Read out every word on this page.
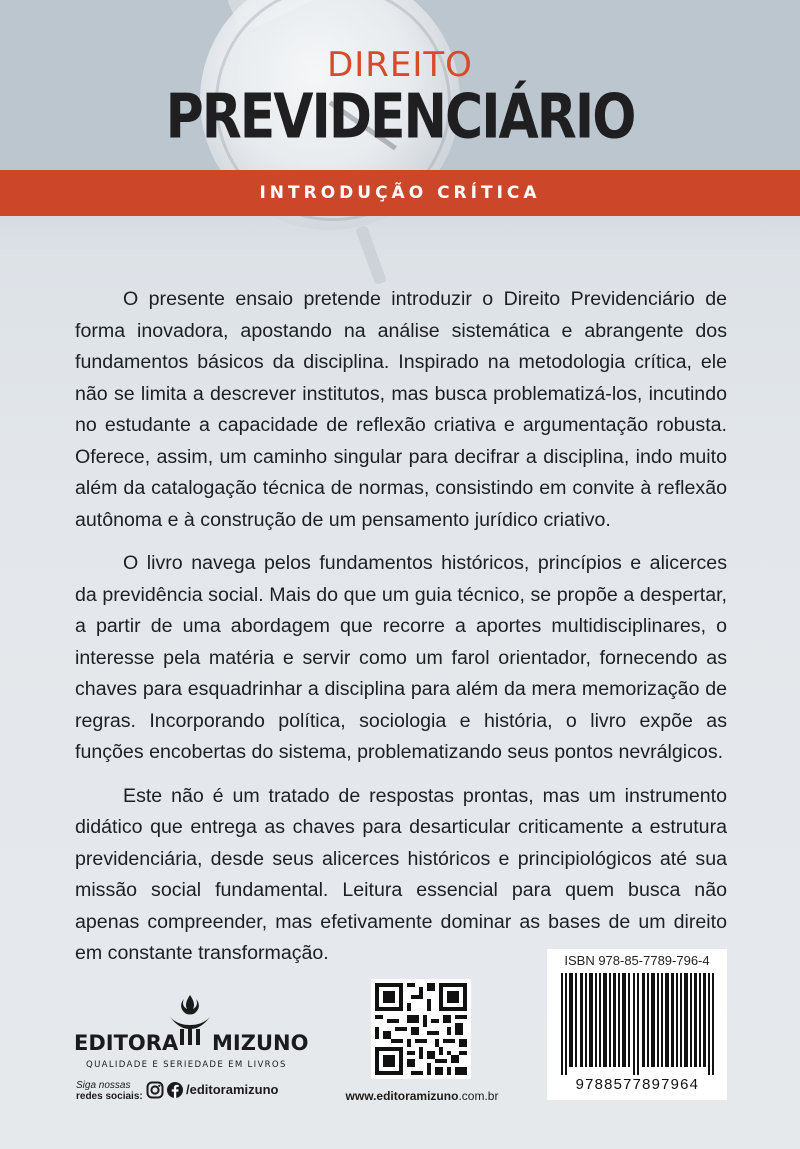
DIREITO
PREVIDENCIÁRIO
INTRODUÇÃO CRÍTICA

O presente ensaio pretende introduzir o Direito Previdenciário de forma inovadora, apostando na análise sistemática e abrangente dos fundamentos básicos da disciplina. Inspirado na metodologia crítica, ele não se limita a descrever institutos, mas busca problematizá-los, incutindo no estudante a capacidade de reflexão criativa e argumentação robusta. Oferece, assim, um caminho singular para decifrar a disciplina, indo muito além da catalogação técnica de normas, consistindo em convite à reflexão autônoma e à construção de um pensamento jurídico criativo.

O livro navega pelos fundamentos históricos, princípios e alicerces da previdência social. Mais do que um guia técnico, se propõe a despertar, a partir de uma abordagem que recorre a aportes multidisciplinares, o interesse pela matéria e servir como um farol orientador, fornecendo as chaves para esquadrinhar a disciplina para além da mera memorização de regras. Incorporando política, sociologia e história, o livro expõe as funções encobertas do sistema, problematizando seus pontos nevrálgicos.

Este não é um tratado de respostas prontas, mas um instrumento didático que entrega as chaves para desarticular criticamente a estrutura previdenciária, desde seus alicerces históricos e principiológicos até sua missão social fundamental. Leitura essencial para quem busca não apenas compreender, mas efetivamente dominar as bases de um direito em constante transformação.

EDITORA MIZUNO
QUALIDADE E SERIEDADE EM LIVROS
Siga nossas
redes sociais:	/editoramizuno	www.editoramizuno.com.br
ISBN 978-85-7789-796-4
9788577897964
